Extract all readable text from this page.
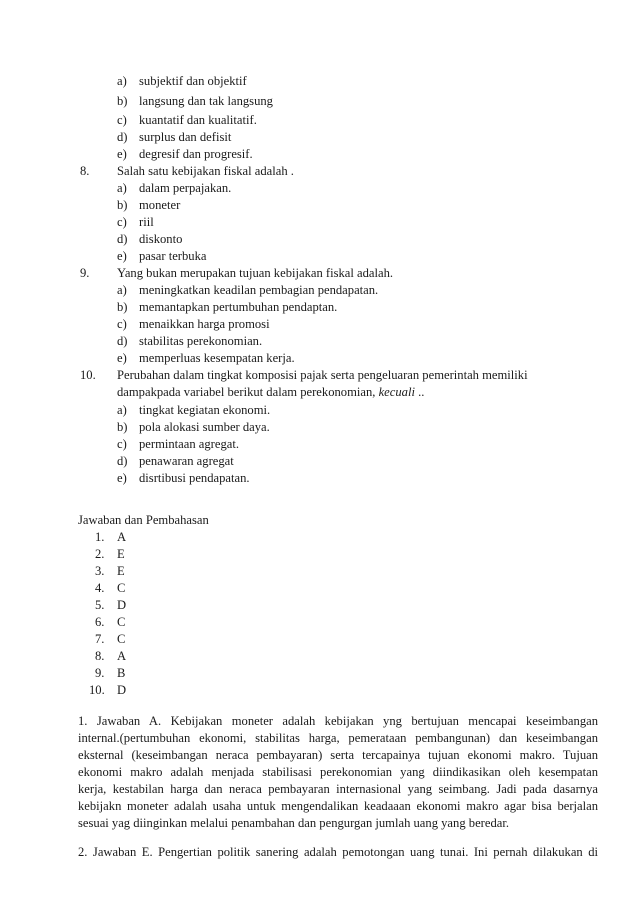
a) subjektif dan objektif
b) langsung dan tak langsung
c) kuantatif dan kualitatif.
d) surplus dan defisit
e) degresif dan progresif.
8. Salah satu kebijakan fiskal adalah .
a) dalam perpajakan.
b) moneter
c) riil
d) diskonto
e) pasar terbuka
9. Yang bukan merupakan tujuan kebijakan fiskal adalah.
a) meningkatkan keadilan pembagian pendapatan.
b) memantapkan pertumbuhan pendaptan.
c) menaikkan harga promosi
d) stabilitas perekonomian.
e) memperluas kesempatan kerja.
10. Perubahan dalam tingkat komposisi pajak serta pengeluaran pemerintah memiliki
dampakpada variabel berikut dalam perekonomian, kecuali ..
a) tingkat kegiatan ekonomi.
b) pola alokasi sumber daya.
c) permintaan agregat.
d) penawaran agregat
e) disrtibusi pendapatan.
Jawaban dan Pembahasan
1. A
2. E
3. E
4. C
5. D
6. C
7. C
8. A
9. B
10. D
1. Jawaban A. Kebijakan moneter adalah kebijakan yng bertujuan mencapai keseimbangan
internal.(pertumbuhan ekonomi, stabilitas harga, pemerataan pembangunan) dan keseimbangan
eksternal (keseimbangan neraca pembayaran) serta tercapainya tujuan ekonomi makro. Tujuan
ekonomi makro adalah menjada stabilisasi perekonomian yang diindikasikan oleh kesempatan
kerja, kestabilan harga dan neraca pembayaran internasional yang seimbang. Jadi pada dasarnya
kebijakn moneter adalah usaha untuk mengendalikan keadaaan ekonomi makro agar bisa berjalan
sesuai yag diinginkan melalui penambahan dan pengurgan jumlah uang yang beredar.
2. Jawaban E. Pengertian politik sanering adalah pemotongan uang tunai. Ini pernah dilakukan di
